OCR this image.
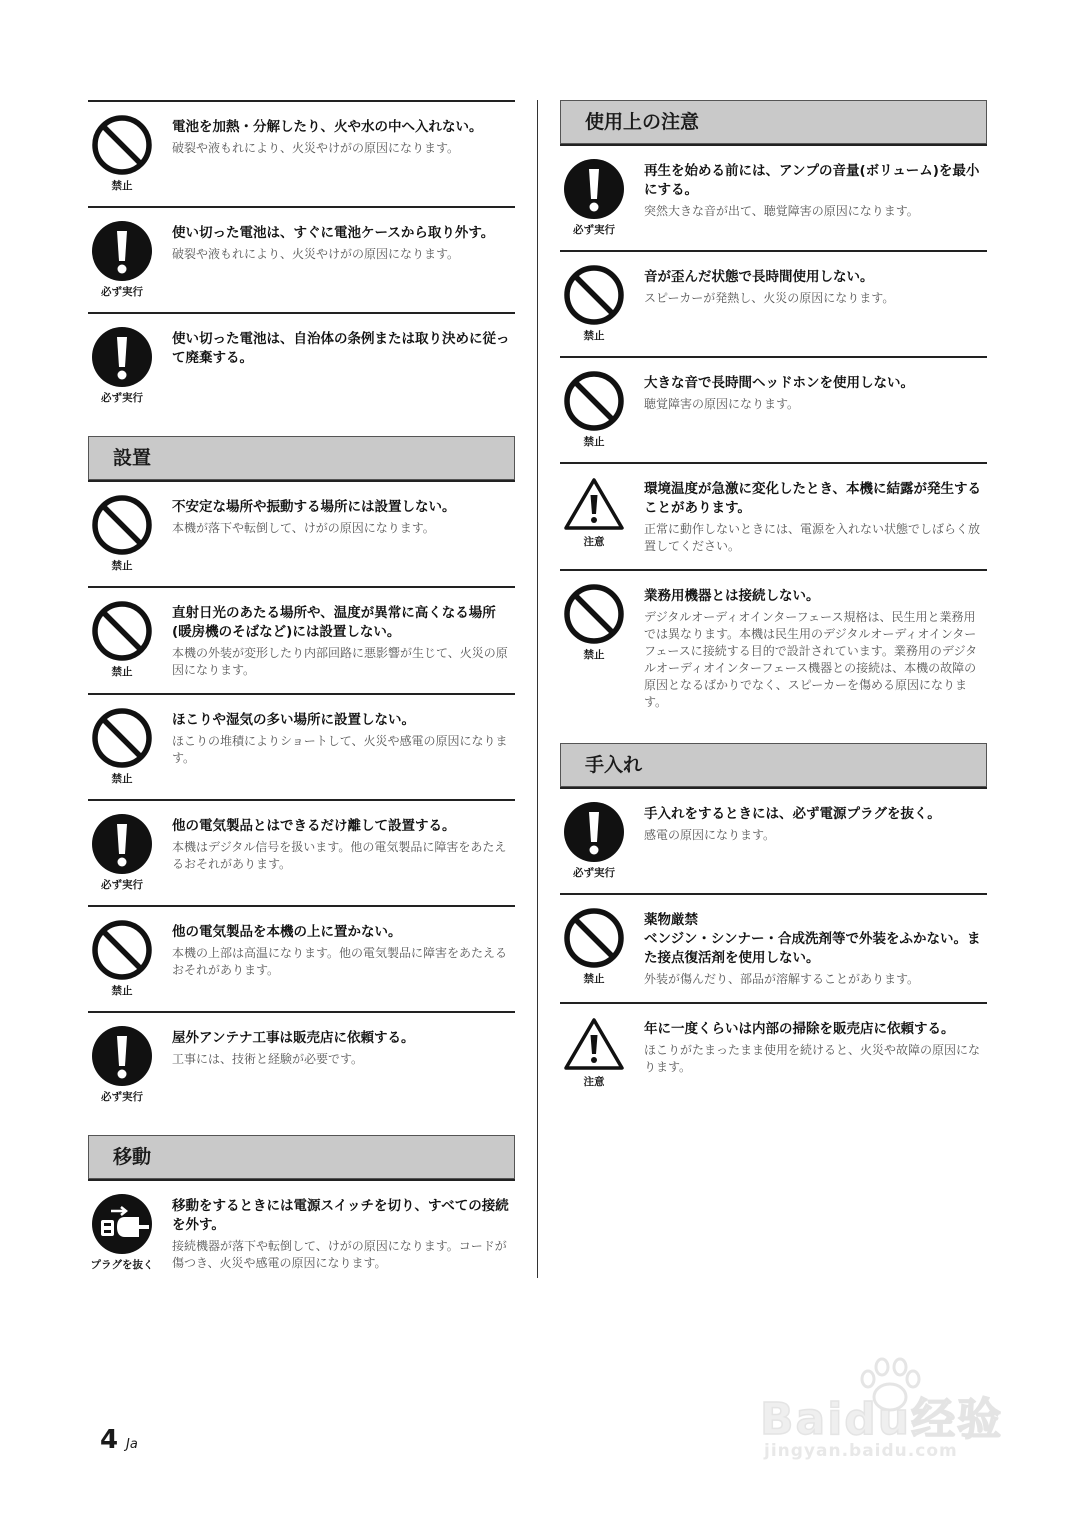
禁止

電池を加熱・分解したり、火や水の中へ入れない。

破裂や液もれにより、火災やけがの原因になります。

必ず実行

使い切った電池は、すぐに電池ケースから取り外す。

破裂や液もれにより、火災やけがの原因になります。

必ず実行

使い切った電池は、自治体の条例または取り決めに従って廃棄する。

設置
禁止

不安定な場所や振動する場所には設置しない。

本機が落下や転倒して、けがの原因になります。

禁止

直射日光のあたる場所や、温度が異常に高くなる場所(暖房機のそばなど)には設置しない。

本機の外装が変形したり内部回路に悪影響が生じて、火災の原因になります。

禁止

ほこりや湿気の多い場所に設置しない。

ほこりの堆積によりショートして、火災や感電の原因になります。

必ず実行

他の電気製品とはできるだけ離して設置する。

本機はデジタル信号を扱います。他の電気製品に障害をあたえるおそれがあります。

禁止

他の電気製品を本機の上に置かない。

本機の上部は高温になります。他の電気製品に障害をあたえるおそれがあります。

必ず実行

屋外アンテナ工事は販売店に依頼する。

工事には、技術と経験が必要です。

移動
プラグを抜く

移動をするときには電源スイッチを切り、すべての接続を外す。

接続機器が落下や転倒して、けがの原因になります。コードが傷つき、火災や感電の原因になります。

使用上の注意
必ず実行

再生を始める前には、アンプの音量(ボリューム)を最小にする。

突然大きな音が出て、聴覚障害の原因になります。

禁止

音が歪んだ状態で長時間使用しない。

スピーカーが発熱し、火災の原因になります。

禁止

大きな音で長時間ヘッドホンを使用しない。

聴覚障害の原因になります。

注意

環境温度が急激に変化したとき、本機に結露が発生することがあります。

正常に動作しないときには、電源を入れない状態でしばらく放置してください。

禁止

業務用機器とは接続しない。

デジタルオーディオインターフェース規格は、民生用と業務用では異なります。本機は民生用のデジタルオーディオインターフェースに接続する目的で設計されています。業務用のデジタルオーディオインターフェース機器との接続は、本機の故障の原因となるばかりでなく、スピーカーを傷める原因になります。

手入れ
必ず実行

手入れをするときには、必ず電源プラグを抜く。

感電の原因になります。

禁止

薬物厳禁
ベンジン・シンナー・合成洗剤等で外装をふかない。また接点復活剤を使用しない。

外装が傷んだり、部品が溶解することがあります。

注意

年に一度くらいは内部の掃除を販売店に依頼する。

ほこりがたまったまま使用を続けると、火災や故障の原因になります。

4 Ja	Baidu经验
jingyan.baidu.com
